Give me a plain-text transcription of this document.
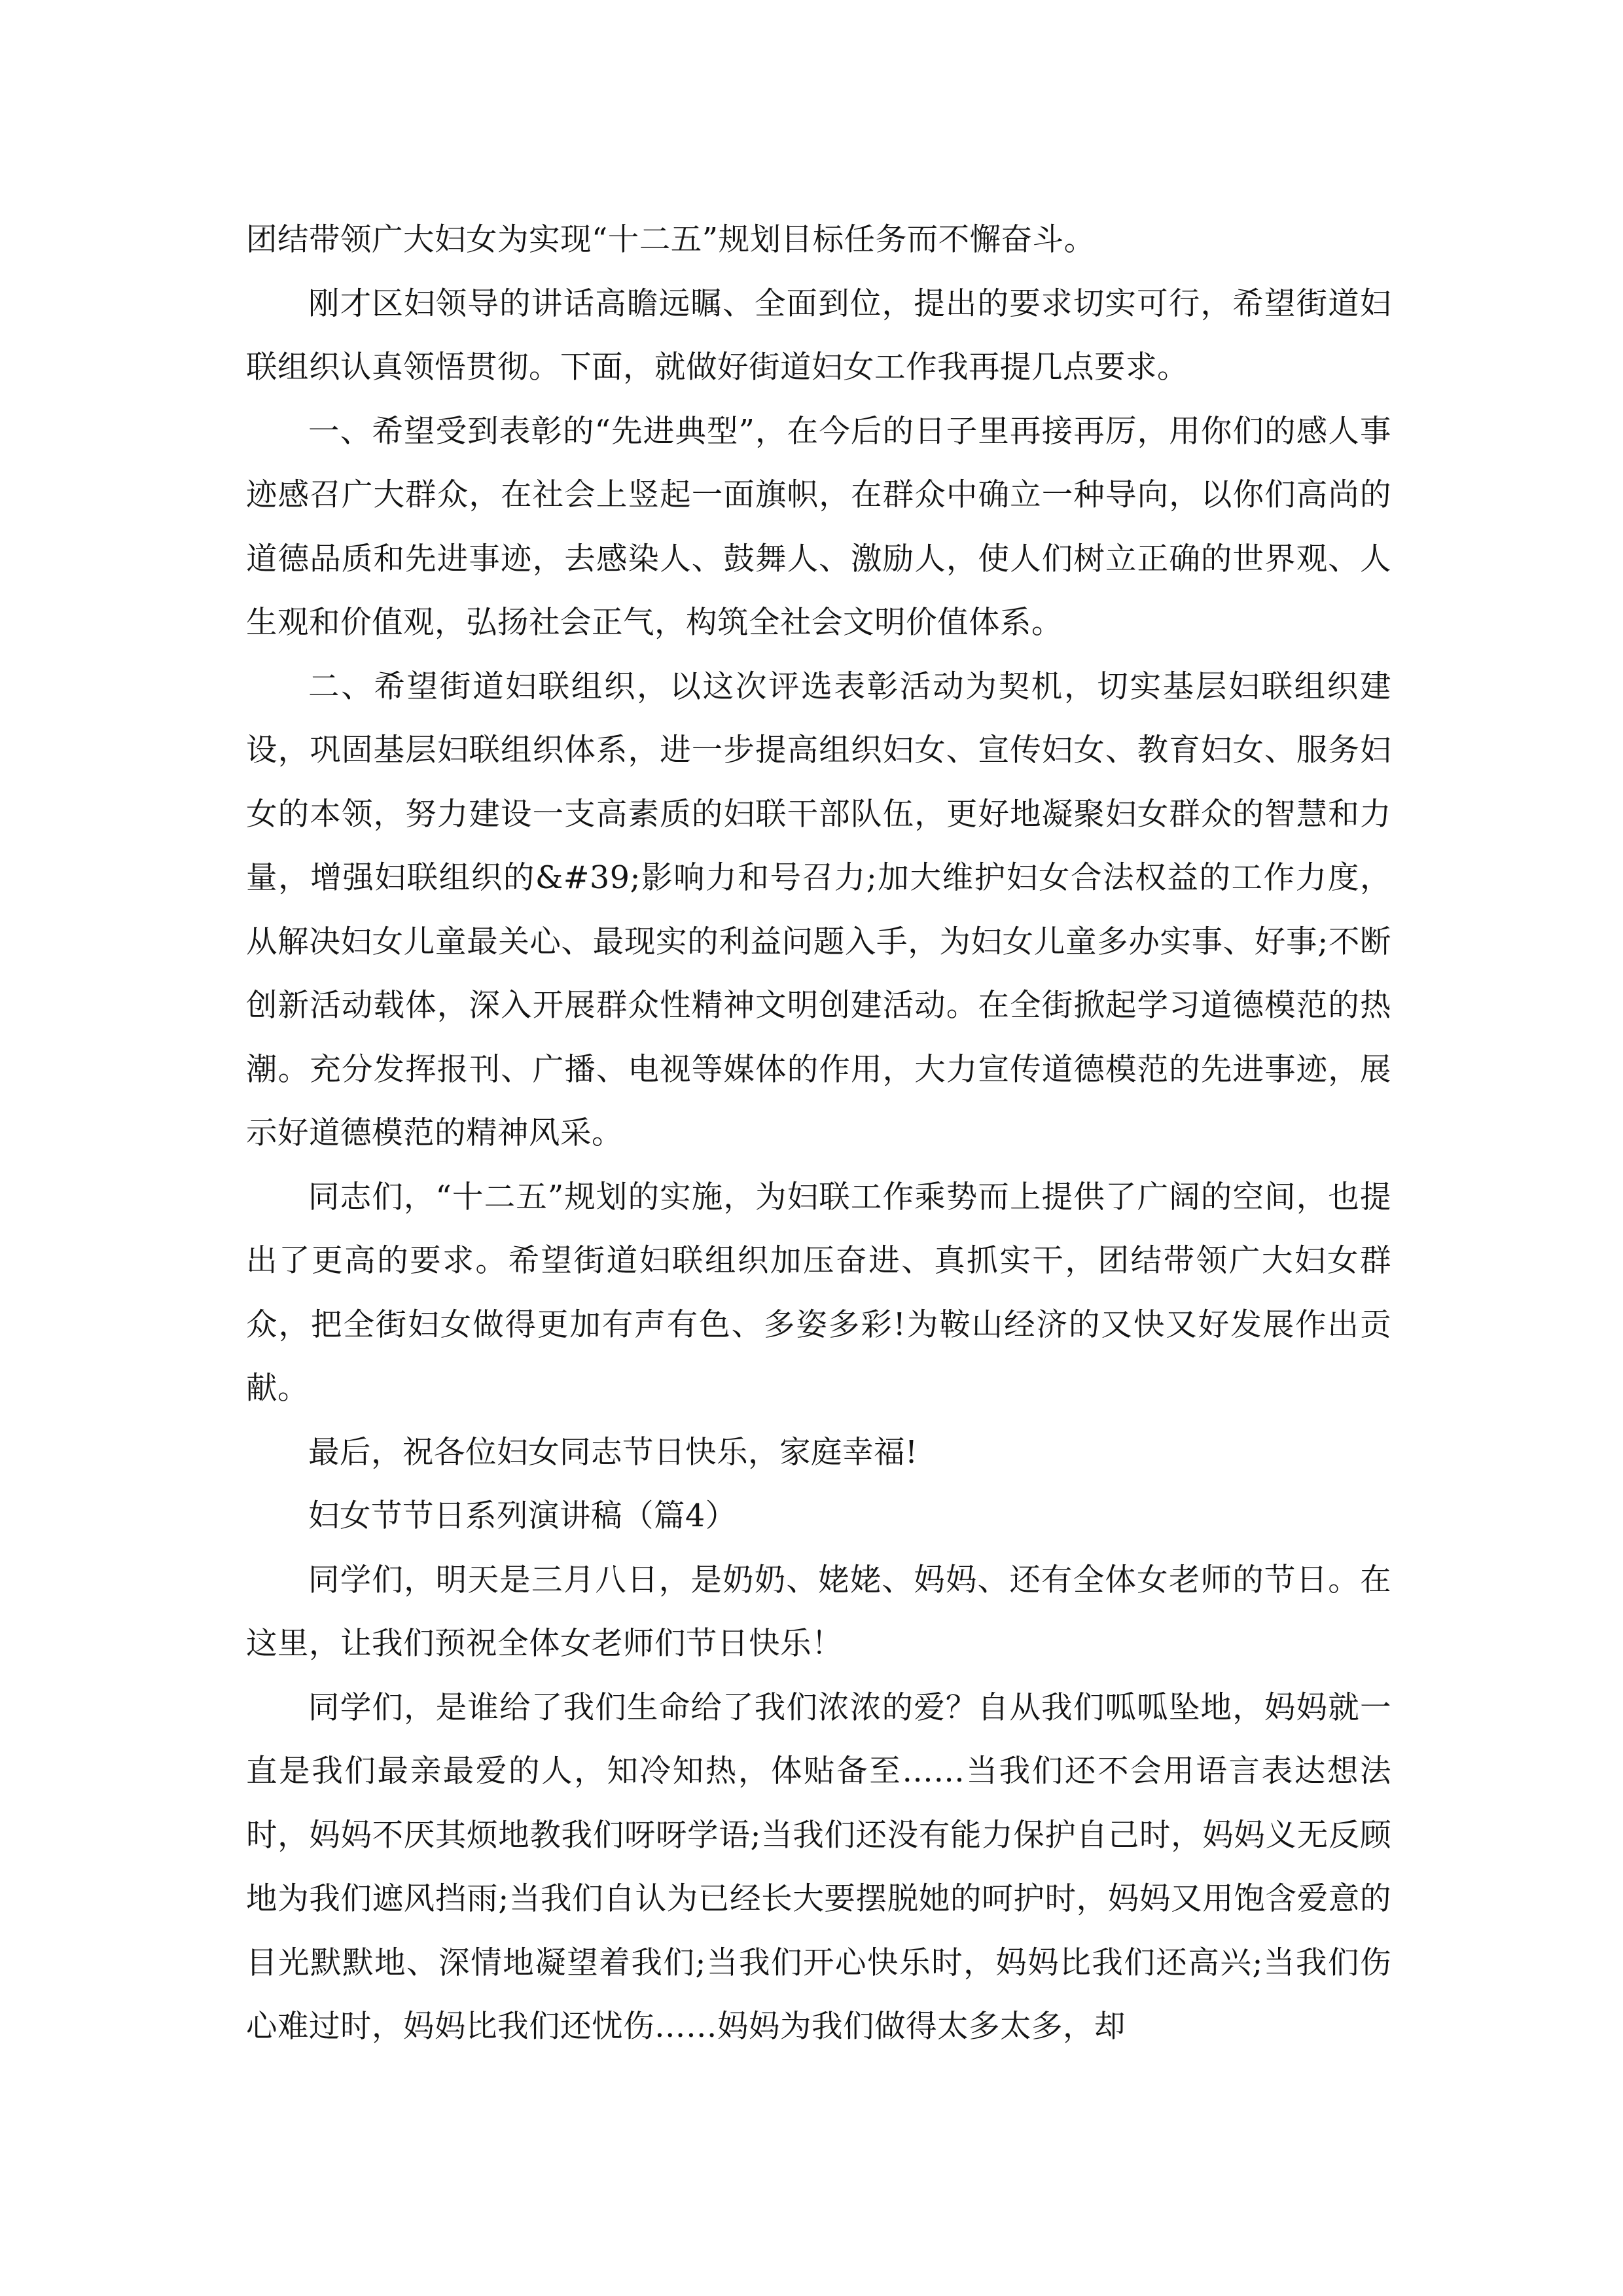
团结带领广大妇女为实现“十二五”规划目标任务而不懈奋斗。

刚才区妇领导的讲话高瞻远瞩、全面到位，提出的要求切实可行，希望街道妇联组织认真领悟贯彻。下面，就做好街道妇女工作我再提几点要求。

一、希望受到表彰的“先进典型”，在今后的日子里再接再厉，用你们的感人事迹感召广大群众，在社会上竖起一面旗帜，在群众中确立一种导向，以你们高尚的道德品质和先进事迹，去感染人、鼓舞人、激励人，使人们树立正确的世界观、人生观和价值观，弘扬社会正气，构筑全社会文明价值体系。

二、希望街道妇联组织，以这次评选表彰活动为契机，切实基层妇联组织建设，巩固基层妇联组织体系，进一步提高组织妇女、宣传妇女、教育妇女、服务妇女的本领，努力建设一支高素质的妇联干部队伍，更好地凝聚妇女群众的智慧和力量，增强妇联组织的&#39;影响力和号召力;加大维护妇女合法权益的工作力度，从解决妇女儿童最关心、最现实的利益问题入手，为妇女儿童多办实事、好事;不断创新活动载体，深入开展群众性精神文明创建活动。在全街掀起学习道德模范的热潮。充分发挥报刊、广播、电视等媒体的作用，大力宣传道德模范的先进事迹，展示好道德模范的精神风采。

同志们，“十二五”规划的实施，为妇联工作乘势而上提供了广阔的空间，也提出了更高的要求。希望街道妇联组织加压奋进、真抓实干，团结带领广大妇女群众，把全街妇女做得更加有声有色、多姿多彩!为鞍山经济的又快又好发展作出贡献。

最后，祝各位妇女同志节日快乐，家庭幸福!

妇女节节日系列演讲稿（篇4）

同学们，明天是三月八日，是奶奶、姥姥、妈妈、还有全体女老师的节日。在这里，让我们预祝全体女老师们节日快乐！

同学们，是谁给了我们生命给了我们浓浓的爱？自从我们呱呱坠地，妈妈就一直是我们最亲最爱的人，知冷知热，体贴备至……当我们还不会用语言表达想法时，妈妈不厌其烦地教我们呀呀学语;当我们还没有能力保护自己时，妈妈义无反顾地为我们遮风挡雨;当我们自认为已经长大要摆脱她的呵护时，妈妈又用饱含爱意的目光默默地、深情地凝望着我们;当我们开心快乐时，妈妈比我们还高兴;当我们伤心难过时，妈妈比我们还忧伤……妈妈为我们做得太多太多，却
